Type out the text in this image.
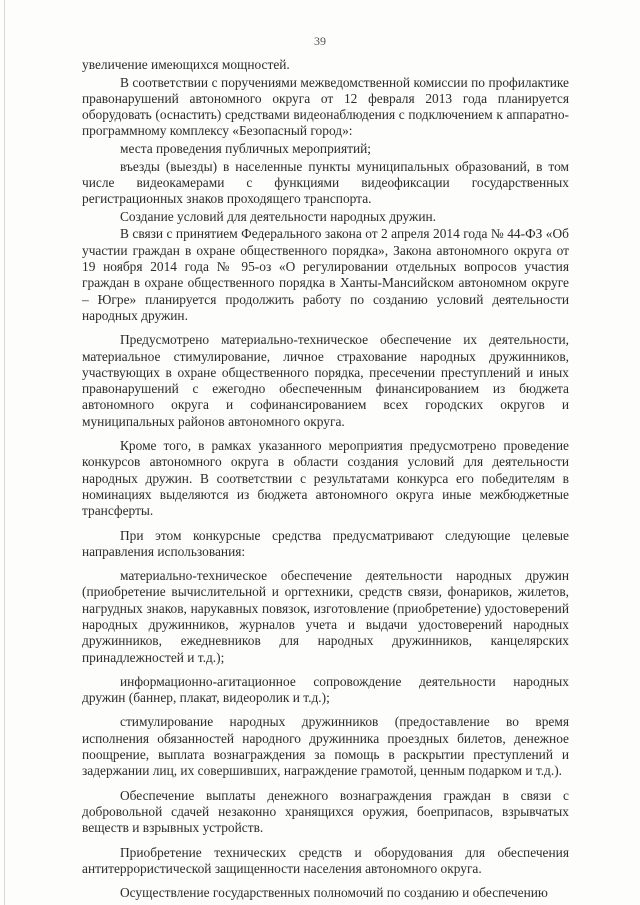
39

увеличение имеющихся мощностей.

В соответствии с поручениями межведомственной комиссии по профилактике правонарушений автономного округа от 12 февраля 2013 года планируется оборудовать (оснастить) средствами видеонаблюдения с подключением к аппаратно-программному комплексу «Безопасный город»:

места проведения публичных мероприятий;

въезды (выезды) в населенные пункты муниципальных образований, в том числе видеокамерами с функциями видеофиксации государственных регистрационных знаков проходящего транспорта.

Создание условий для деятельности народных дружин.

В связи с принятием Федерального закона от 2 апреля 2014 года № 44-ФЗ «Об участии граждан в охране общественного порядка», Закона автономного округа от 19 ноября 2014 года № 95-оз «О регулировании отдельных вопросов участия граждан в охране общественного порядка в Ханты-Мансийском автономном округе – Югре» планируется продолжить работу по созданию условий деятельности народных дружин.

Предусмотрено материально-техническое обеспечение их деятельности, материальное стимулирование, личное страхование народных дружинников, участвующих в охране общественного порядка, пресечении преступлений и иных правонарушений с ежегодно обеспеченным финансированием из бюджета автономного округа и софинансированием всех городских округов и муниципальных районов автономного округа.

Кроме того, в рамках указанного мероприятия предусмотрено проведение конкурсов автономного округа в области создания условий для деятельности народных дружин. В соответствии с результатами конкурса его победителям в номинациях выделяются из бюджета автономного округа иные межбюджетные трансферты.

При этом конкурсные средства предусматривают следующие целевые направления использования:

материально-техническое обеспечение деятельности народных дружин (приобретение вычислительной и оргтехники, средств связи, фонариков, жилетов, нагрудных знаков, нарукавных повязок, изготовление (приобретение) удостоверений народных дружинников, журналов учета и выдачи удостоверений народных дружинников, ежедневников для народных дружинников, канцелярских принадлежностей и т.д.);

информационно-агитационное сопровождение деятельности народных дружин (баннер, плакат, видеоролик и т.д.);

стимулирование народных дружинников (предоставление во время исполнения обязанностей народного дружинника проездных билетов, денежное поощрение, выплата вознаграждения за помощь в раскрытии преступлений и задержании лиц, их совершивших, награждение грамотой, ценным подарком и т.д.).

Обеспечение выплаты денежного вознаграждения граждан в связи с добровольной сдачей незаконно хранящихся оружия, боеприпасов, взрывчатых веществ и взрывных устройств.

Приобретение технических средств и оборудования для обеспечения антитеррористической защищенности населения автономного округа.

Осуществление государственных полномочий по созданию и обеспечению
